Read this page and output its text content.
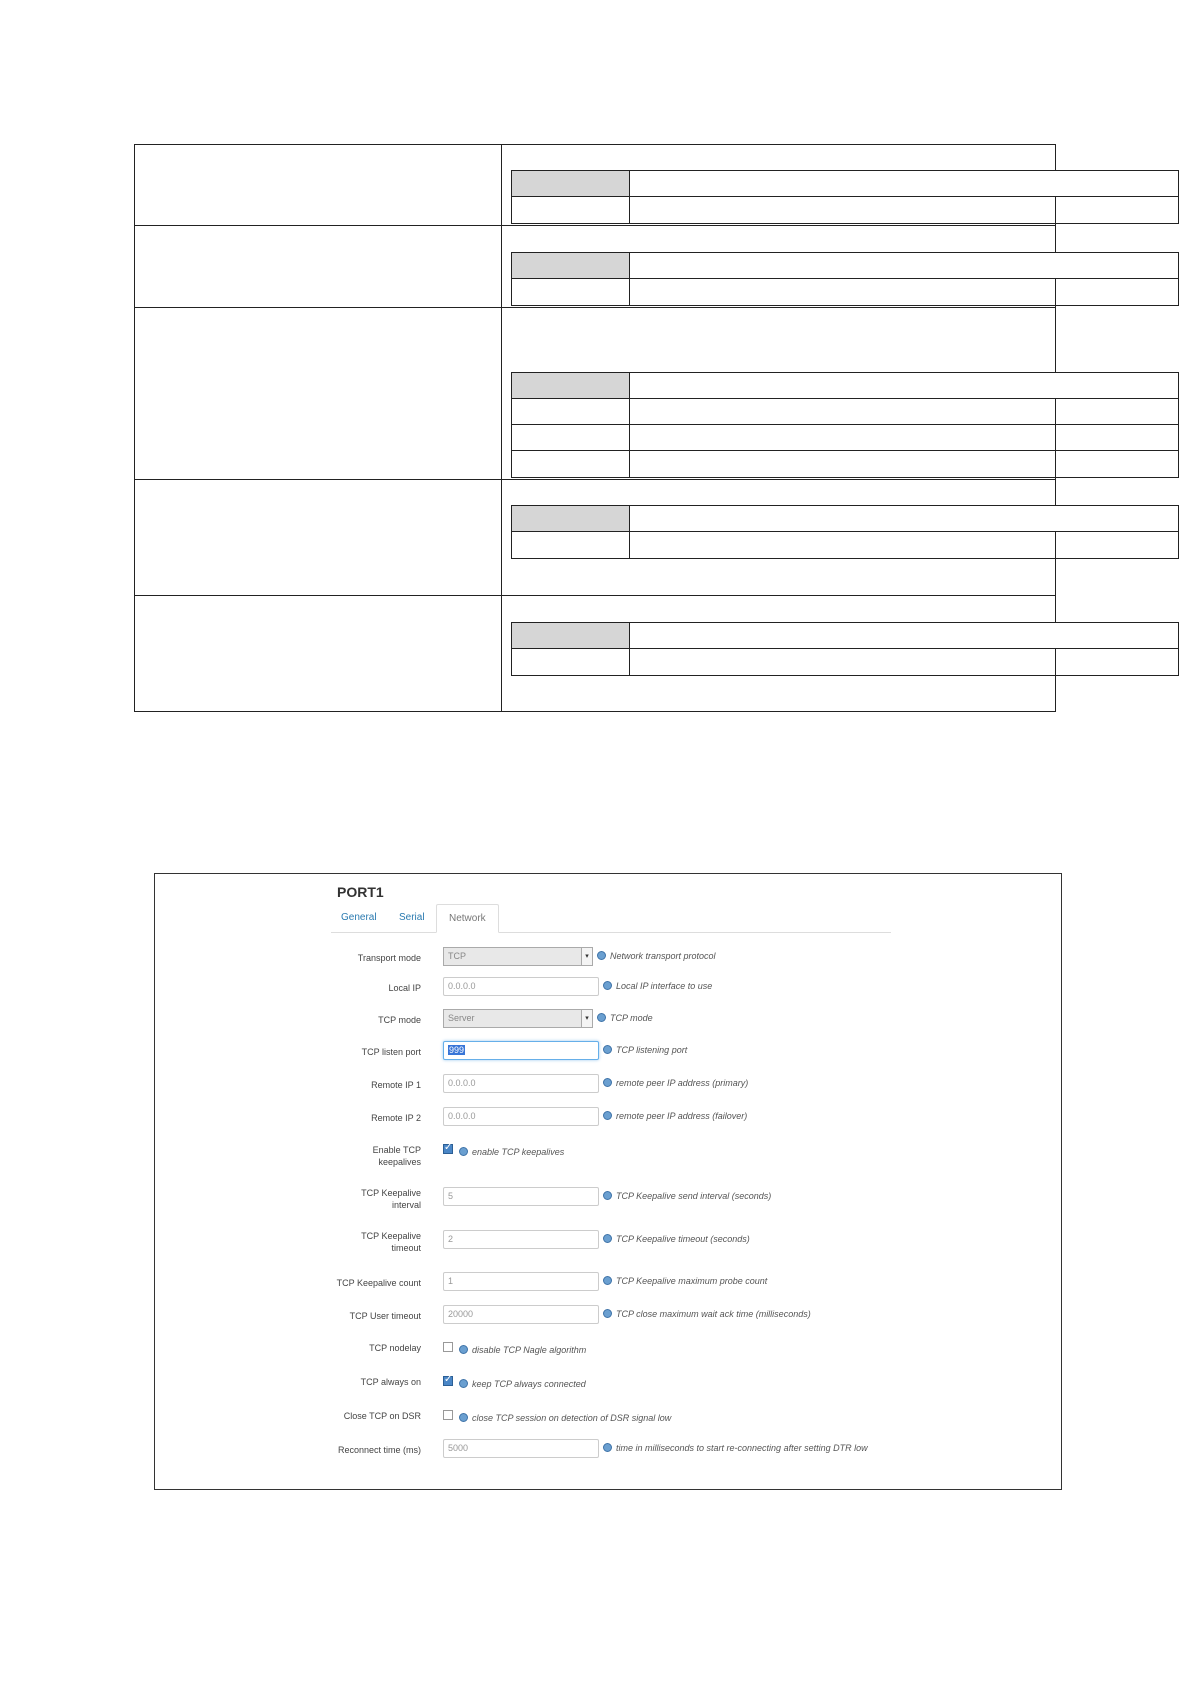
PORT1
General Serial	Network
Transport mode	TCP	▾	Network transport protocol
Local IP	0.0.0.0	Local IP interface to use
TCP mode	Server	▾	TCP mode
TCP listen port	999	TCP listening port
Remote IP 1	0.0.0.0	remote peer IP address (primary)
Remote IP 2	0.0.0.0	remote peer IP address (failover)
Enable TCP
keepalives
✓
enable TCP keepalives
TCP Keepalive
interval
5	TCP Keepalive send interval (seconds)
TCP Keepalive
timeout
2	TCP Keepalive timeout (seconds)
TCP Keepalive count	1	TCP Keepalive maximum probe count
TCP User timeout	20000	TCP close maximum wait ack time (milliseconds)
TCP nodelay	disable TCP Nagle algorithm
TCP always on
✓	keep TCP always connected
Close TCP on DSR	close TCP session on detection of DSR signal low
Reconnect time (ms)	5000	time in milliseconds to start re-connecting after setting DTR low
